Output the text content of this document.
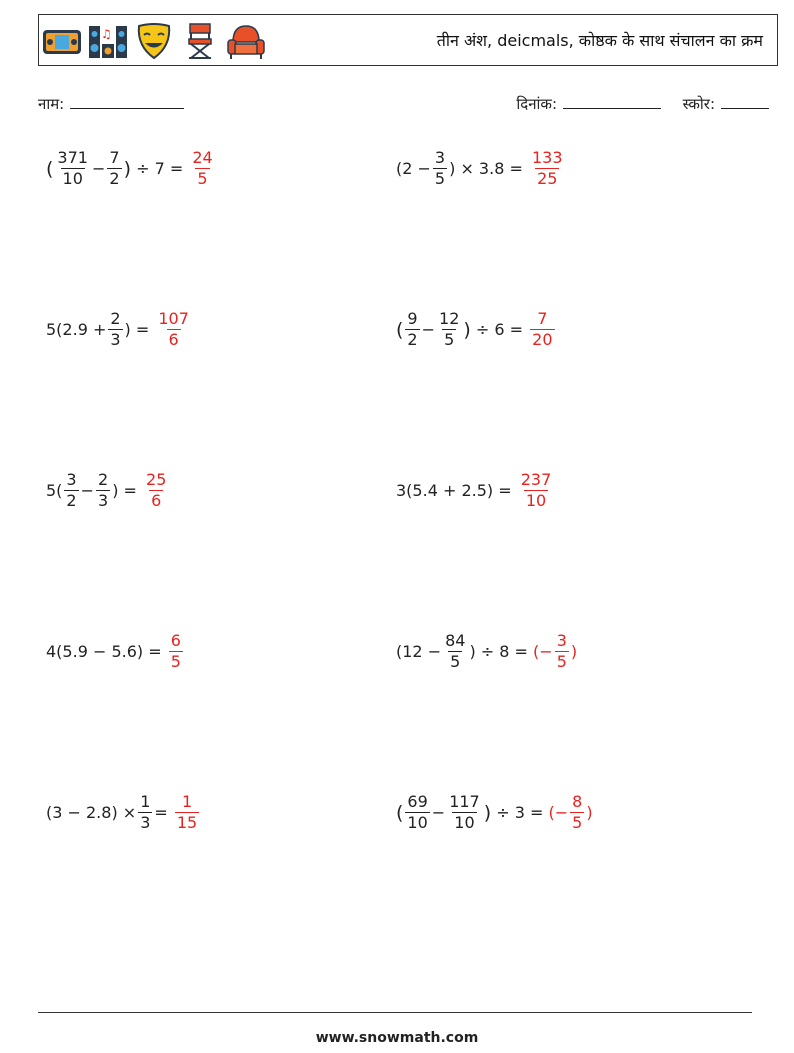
♫	तीन अंश, deicmals, कोष्ठक के साथ संचालन का क्रम
नाम:	दिनांक:	स्कोर:
( $\frac{371}{10} - \frac{7}{2}$ )
÷ 7 =
$\frac{24}{5}$	($2 - \frac{3}{5}$ ) × 3.8 =
$\frac{133}{25}$
$5(2.9 + \frac{2}{3}$ ) =
$\frac{107}{6}$	( $\frac{9}{2} - \frac{12}{5}$ )
÷ 6 =
$\frac{7}{20}$
$5( \frac{3}{2} - \frac{2}{3}$ ) =
$\frac{25}{6}$	3(5.4 + 2.5) =
$\frac{237}{10}$
4(5.9 − 5.6) =
$\frac{6}{5}$	($12 - \frac{84}{5}$ ) ÷ 8 =
(− $\frac{3}{5}$ )
$(3 - 2.8) \times \frac{1}{3}$ =
$\frac{1}{15}$	( $\frac{69}{10} - \frac{117}{10}$ )
÷ 3 =
(− $\frac{8}{5}$ )
www.snowmath.com
